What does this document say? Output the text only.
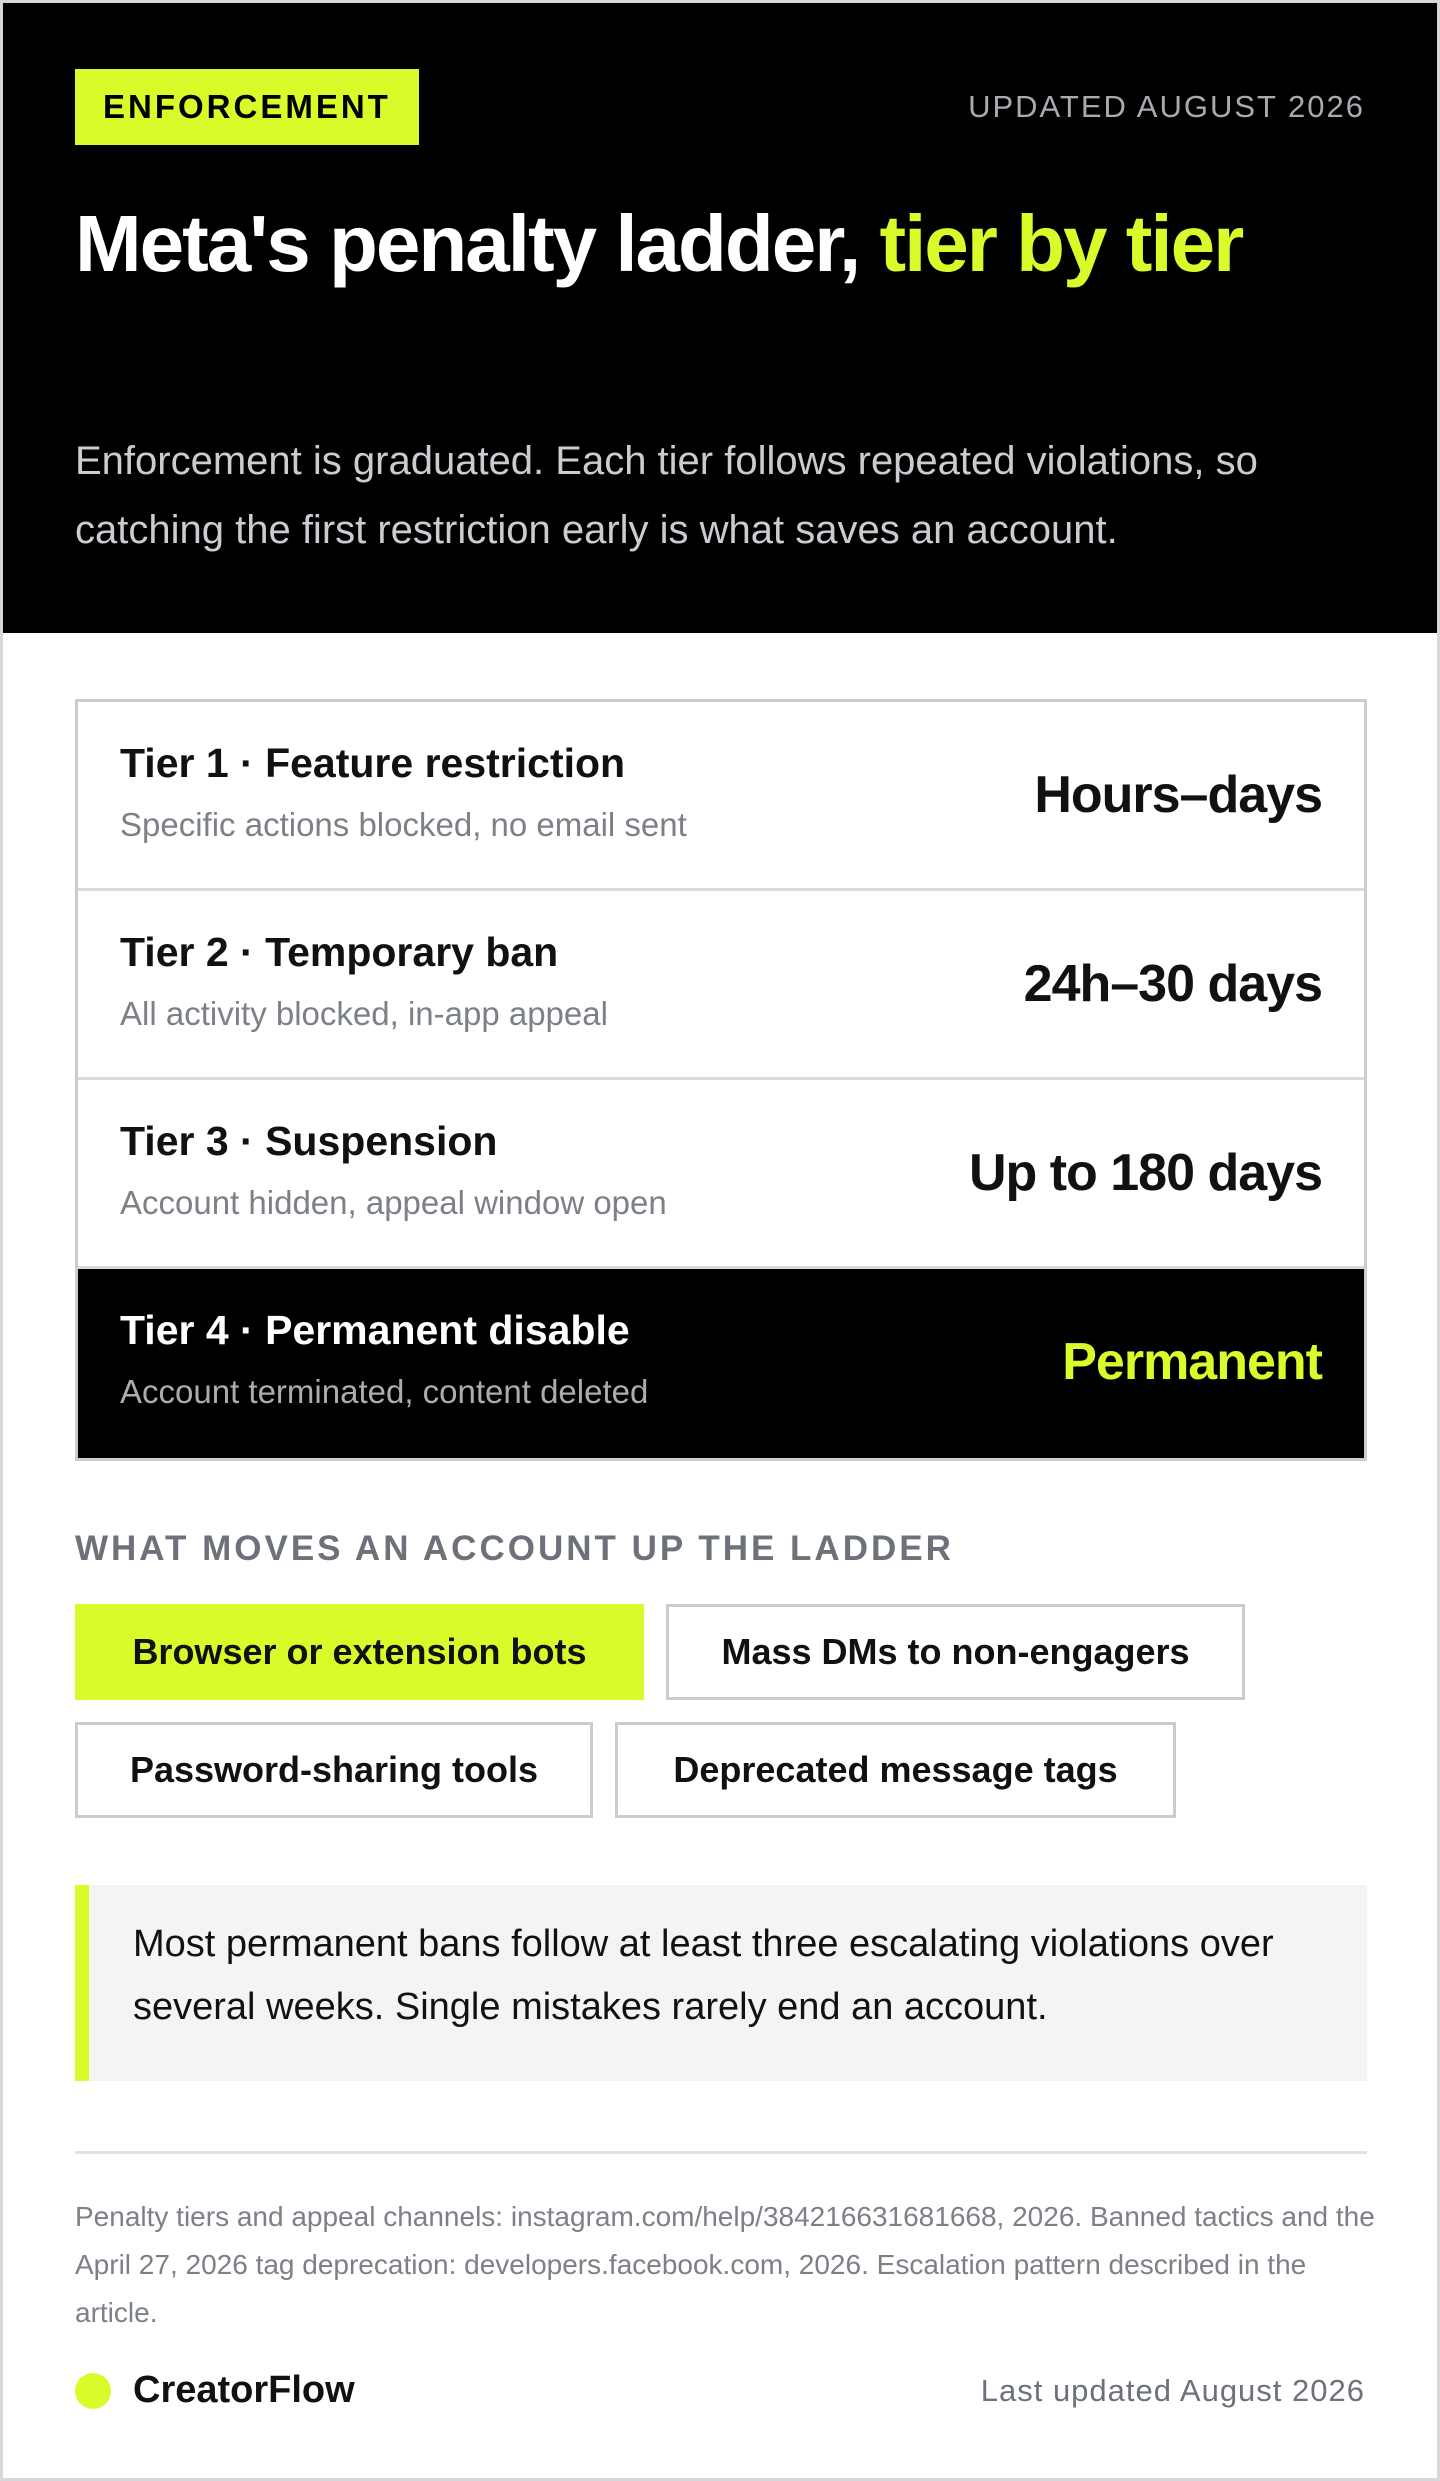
ENFORCEMENT	UPDATED AUGUST 2026
Meta's penalty ladder, tier by tier

Enforcement is graduated. Each tier follows repeated violations, so catching the first restriction early is what saves an account.

Tier 1 · Feature restriction
Specific actions blocked, no email sent
Hours–days
Tier 2 · Temporary ban
All activity blocked, in-app appeal
24h–30 days
Tier 3 · Suspension
Account hidden, appeal window open
Up to 180 days
Tier 4 · Permanent disable
Account terminated, content deleted
Permanent
WHAT MOVES AN ACCOUNT UP THE LADDER
Browser or extension bots	Mass DMs to non-engagers
Password-sharing tools	Deprecated message tags

Most permanent bans follow at least three escalating violations over several weeks. Single mistakes rarely end an account.

Penalty tiers and appeal channels: instagram.com/help/384216631681668, 2026. Banned tactics and the April 27, 2026 tag deprecation: developers.facebook.com, 2026. Escalation pattern described in the article.

CreatorFlow	Last updated August 2026
